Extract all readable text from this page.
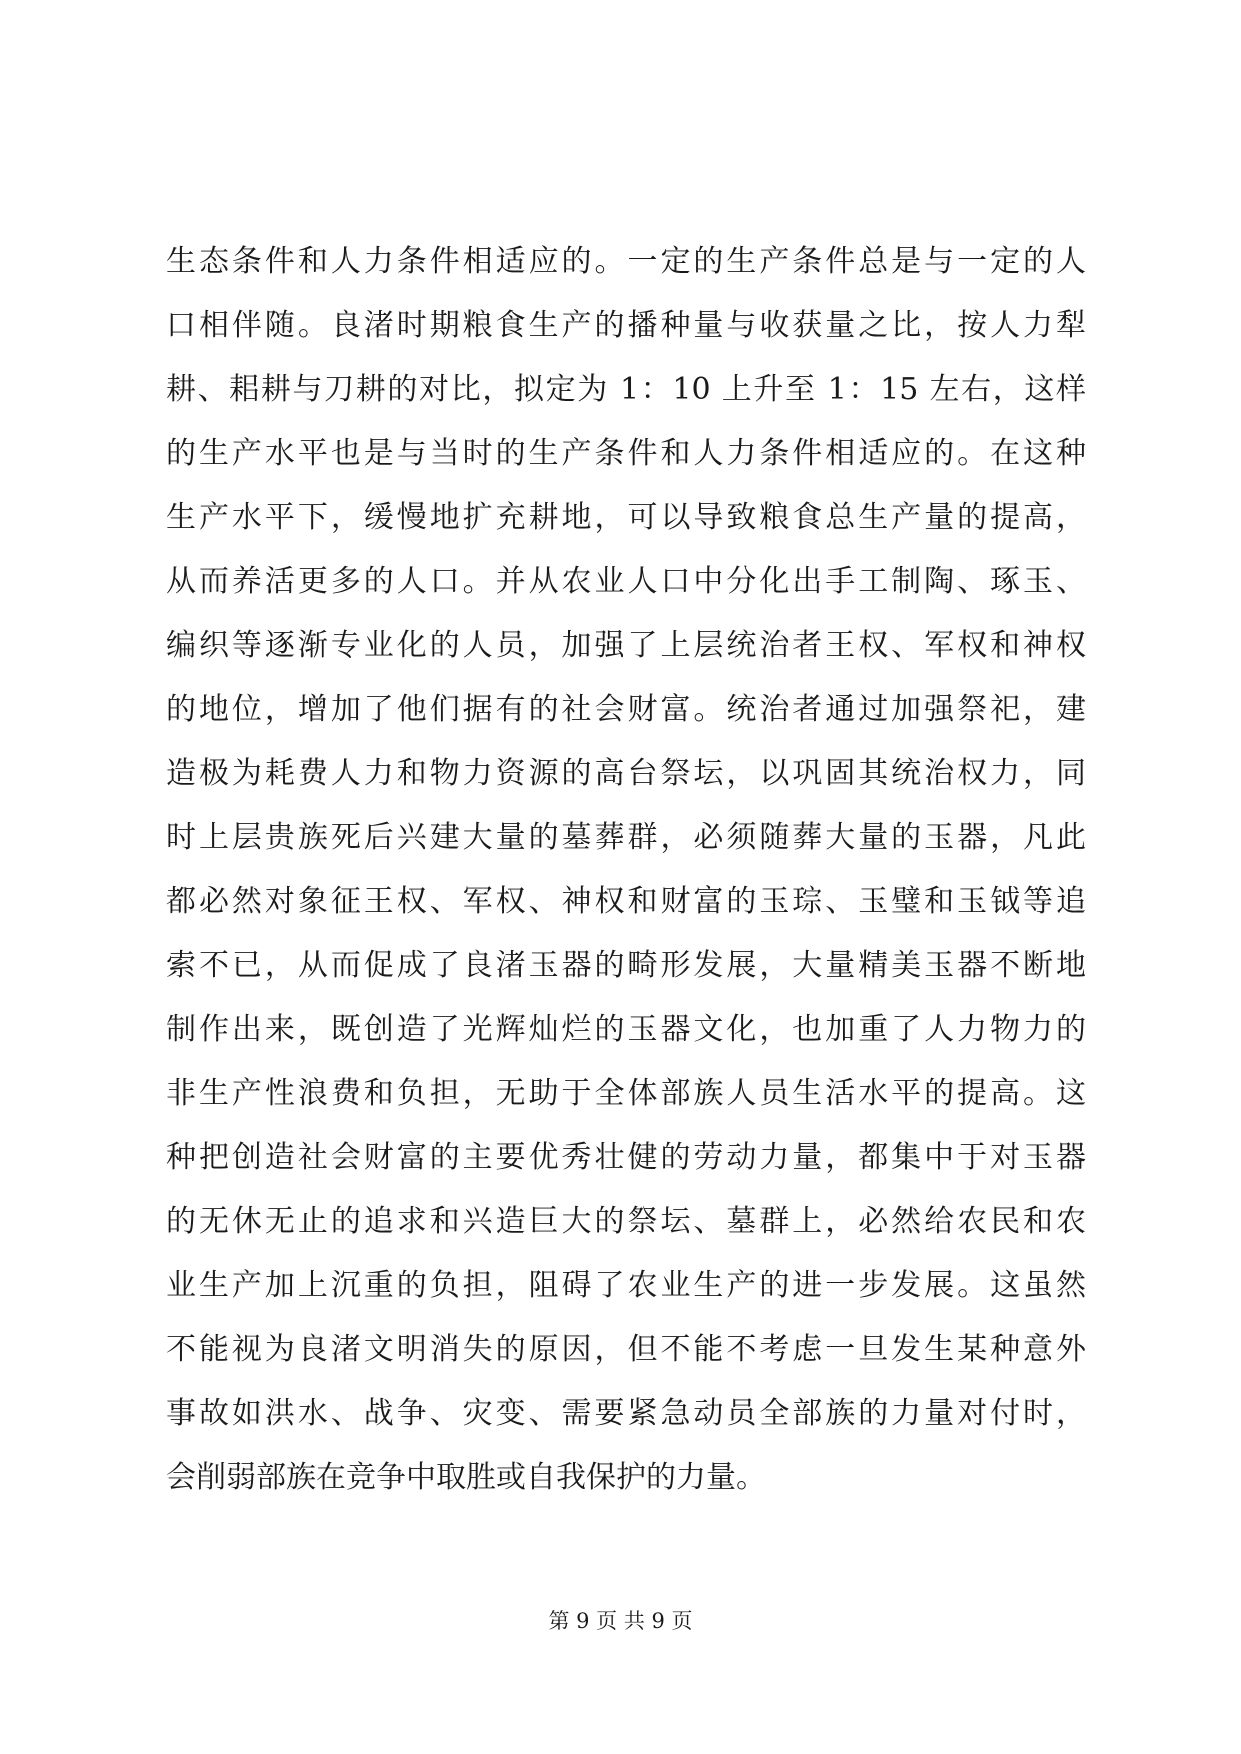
生态条件和人力条件相适应的。一定的生产条件总是与一定的人
口相伴随。良渚时期粮食生产的播种量与收获量之比，按人力犁
耕、耜耕与刀耕的对比，拟定为 1：10 上升至 1：15 左右，这样
的生产水平也是与当时的生产条件和人力条件相适应的。在这种
生产水平下，缓慢地扩充耕地，可以导致粮食总生产量的提高，
从而养活更多的人口。并从农业人口中分化出手工制陶、琢玉、
编织等逐渐专业化的人员，加强了上层统治者王权、军权和神权
的地位，增加了他们据有的社会财富。统治者通过加强祭祀，建
造极为耗费人力和物力资源的高台祭坛，以巩固其统治权力，同
时上层贵族死后兴建大量的墓葬群，必须随葬大量的玉器，凡此
都必然对象征王权、军权、神权和财富的玉琮、玉璧和玉钺等追
索不已，从而促成了良渚玉器的畸形发展，大量精美玉器不断地
制作出来，既创造了光辉灿烂的玉器文化，也加重了人力物力的
非生产性浪费和负担，无助于全体部族人员生活水平的提高。这
种把创造社会财富的主要优秀壮健的劳动力量，都集中于对玉器
的无休无止的追求和兴造巨大的祭坛、墓群上，必然给农民和农
业生产加上沉重的负担，阻碍了农业生产的进一步发展。这虽然
不能视为良渚文明消失的原因，但不能不考虑一旦发生某种意外
事故如洪水、战争、灾变、需要紧急动员全部族的力量对付时，
会削弱部族在竞争中取胜或自我保护的力量。
第 9 页 共 9 页
